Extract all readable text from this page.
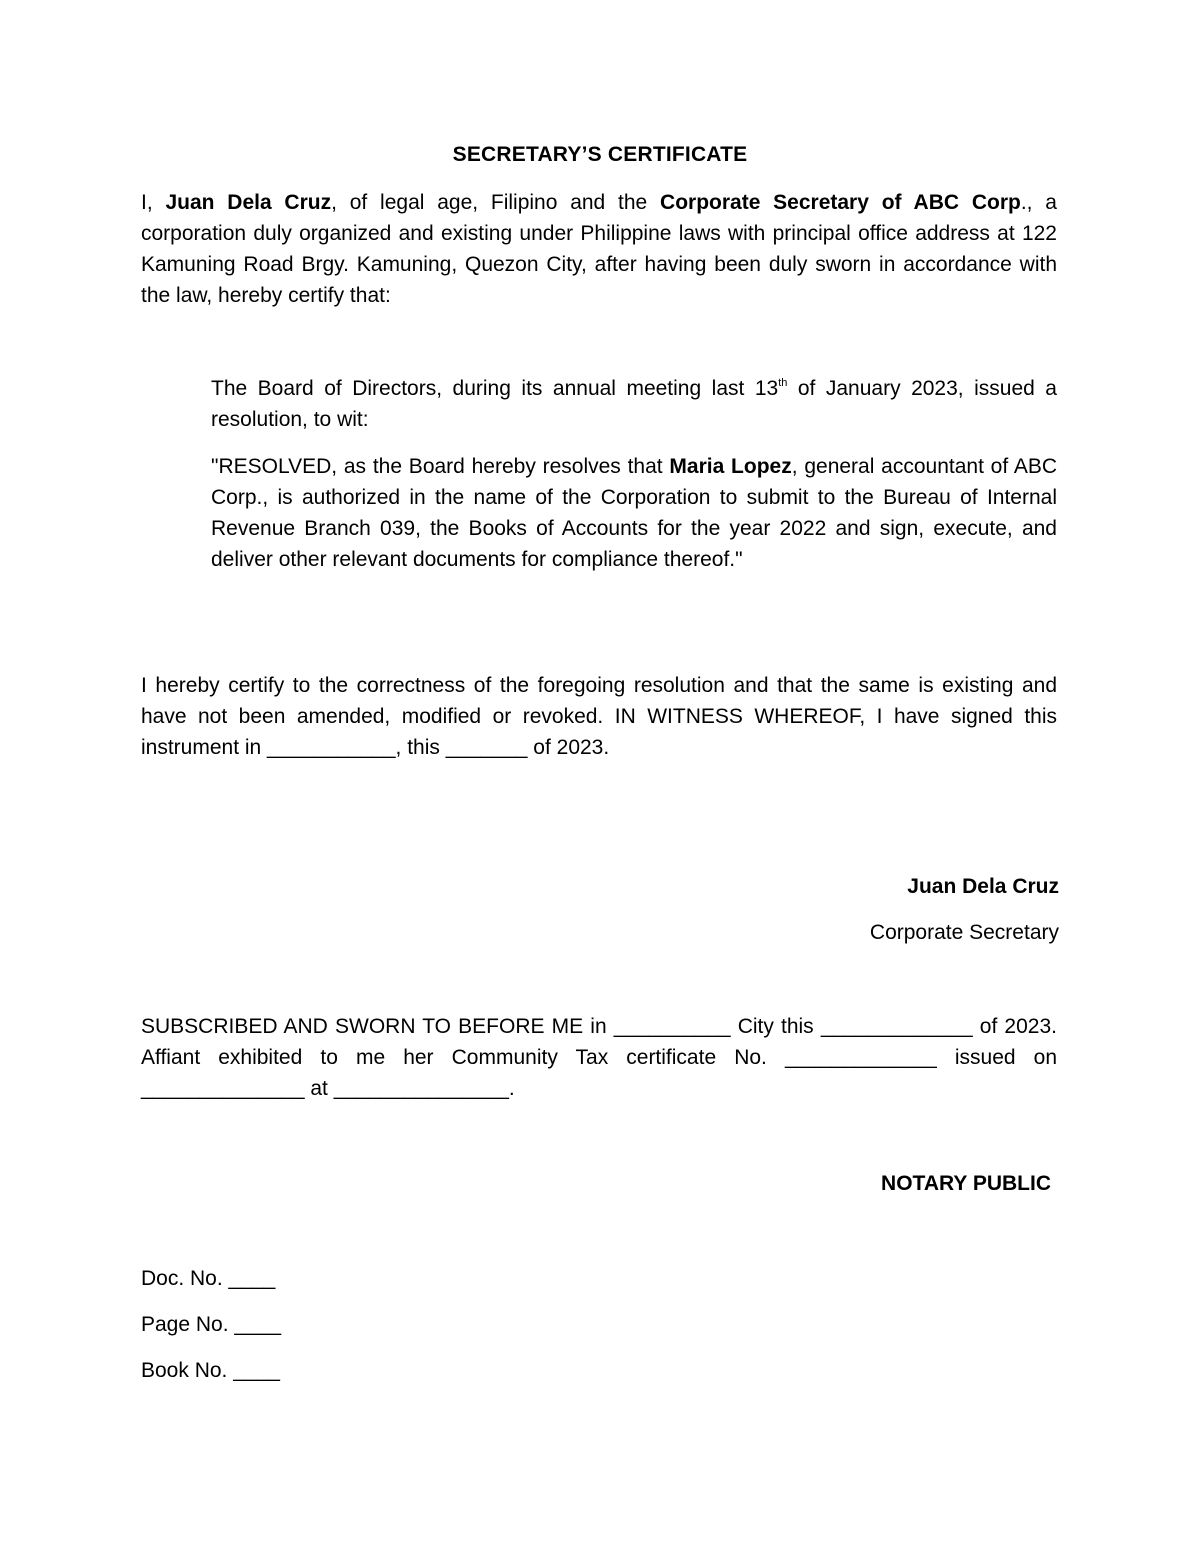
SECRETARY’S CERTIFICATE

I, Juan Dela Cruz, of legal age, Filipino and the Corporate Secretary of ABC Corp., a corporation duly organized and existing under Philippine laws with principal office address at 122 Kamuning Road Brgy. Kamuning, Quezon City, after having been duly sworn in accordance with the law, hereby certify that:

The Board of Directors, during its annual meeting last 13th of January 2023, issued a resolution, to wit:

"RESOLVED, as the Board hereby resolves that Maria Lopez, general accountant of ABC Corp., is authorized in the name of the Corporation to submit to the Bureau of Internal Revenue Branch 039, the Books of Accounts for the year 2022 and sign, execute, and deliver other relevant documents for compliance thereof."

I hereby certify to the correctness of the foregoing resolution and that the same is existing and have not been amended, modified or revoked. IN WITNESS WHEREOF, I have signed this instrument in ___________, this _______ of 2023.

Juan Dela Cruz
Corporate Secretary

SUBSCRIBED AND SWORN TO BEFORE ME in __________ City this _____________ of 2023. Affiant exhibited to me her Community Tax certificate No. _____________ issued on ______________ at _______________.

NOTARY PUBLIC
Doc. No. ____
Page No. ____
Book No. ____
